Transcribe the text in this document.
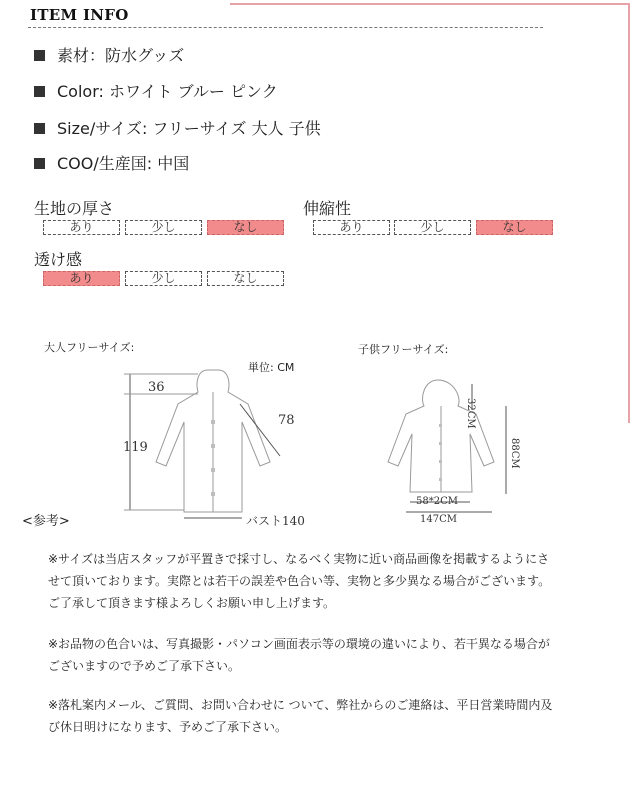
ITEM INFO
素材：防水グッズ
Color: ホワイト ブルー ピンク
Size/サイズ: フリーサイズ 大人 子供
COO/生産国: 中国
生地の厚さ
あり	少し	なし
伸縮性
あり	少し	なし
透け感
あり	少し	なし
大人フリーサイズ:
単位: CM
36
119
78
バスト140
子供フリーサイズ:
32CM
88CM
58*2CM
147CM
<参考>
※サイズは当店スタッフが平置きで採寸し、なるべく実物に近い商品画像を掲載するようにさせて頂いております。実際とは若干の誤差や色合い等、実物と多少異なる場合がございます。ご了承して頂きます様よろしくお願い申し上げます。
※お品物の色合いは、写真撮影・パソコン画面表示等の環境の違いにより、若干異なる場合がございますので予めご了承下さい。
※落札案内メール、ご質問、お問い合わせに ついて、弊社からのご連絡は、平日営業時間内及び休日明けになります、予めご了承下さい。
